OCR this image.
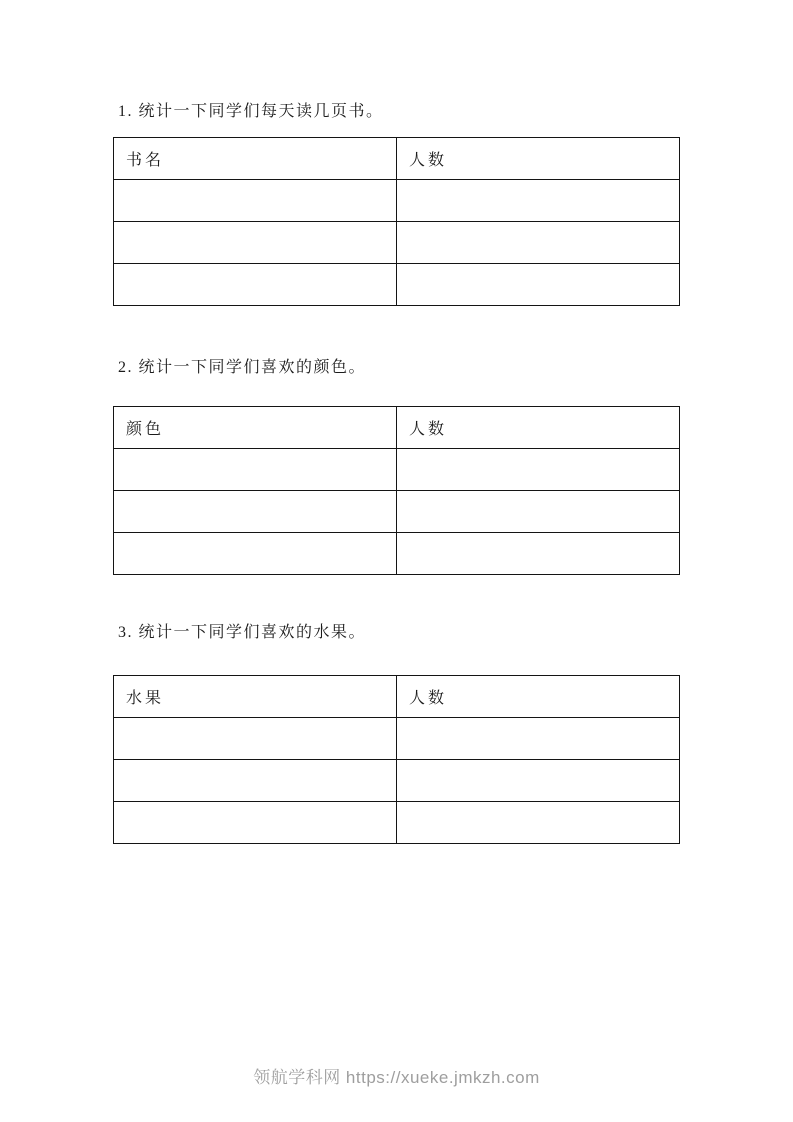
1. 统计一下同学们每天读几页书。
书名	人数

2. 统计一下同学们喜欢的颜色。
颜色	人数

3. 统计一下同学们喜欢的水果。
水果	人数

领航学科网 https://xueke.jmkzh.com
